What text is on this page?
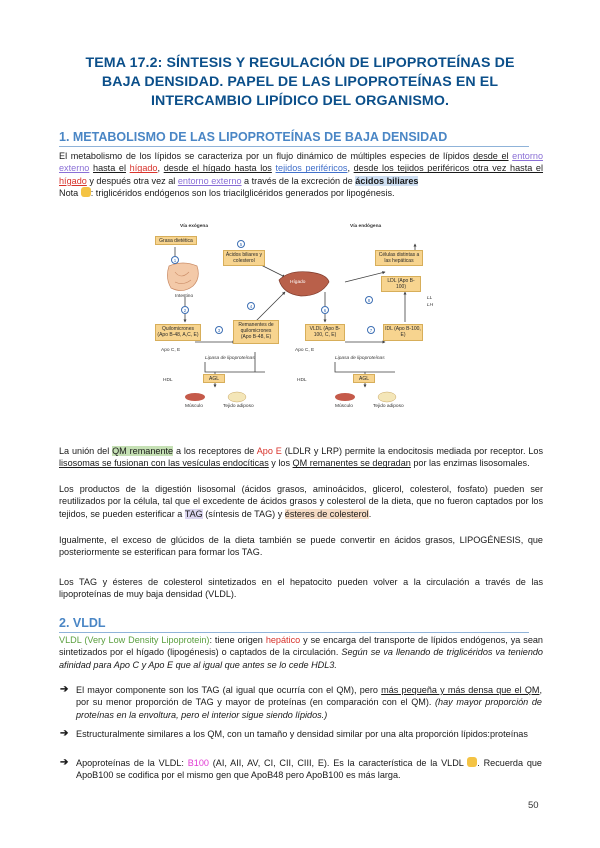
TEMA 17.2: SÍNTESIS Y REGULACIÓN DE LIPOPROTEÍNAS DE BAJA DENSIDAD. PAPEL DE LAS LIPOPROTEÍNAS EN EL INTERCAMBIO LIPÍDICO DEL ORGANISMO.
1. METABOLISMO DE LAS LIPOPROTEÍNAS DE BAJA DENSIDAD
El metabolismo de los lípidos se caracteriza por un flujo dinámico de múltiples especies de lípidos desde el entorno externo hasta el hígado, desde el hígado hasta los tejidos periféricos, desde los tejidos periféricos otra vez hasta el hígado y después otra vez al entorno externo a través de la excreción de ácidos biliares
Nota : triglicéridos endógenos son los triacilglicéridos generados por lipogénesis.
Vía exógena	Vía endógena
Grasa dietética
Ácidos biliares y colesterol
Células distintas a las hepáticas
Intestino
Hígado	LDL (Apo B-100)
LL
LH
Quilomicrones (Apo B-48, A,C, E)
Remanentes de quilomicrones (Apo B-48, E)
VLDL (Apo B-100, C, E)
IDL (Apo B-100, E)
Apo C, E	Apo C, E
Lipasa de lipoproteínas	Lipasa de lipoproteínas
HDL	HDL
AGL	AGL
Músculo	Tejido adiposo	Músculo	Tejido adiposo
1
2
3
4
5
6
7
8
La unión del QM remanente a los receptores de Apo E (LDLR y LRP) permite la endocitosis mediada por receptor. Los lisosomas se fusionan con las vesículas endocíticas y los QM remanentes se degradan por las enzimas lisosomales.
Los productos de la digestión lisosomal (ácidos grasos, aminoácidos, glicerol, colesterol, fosfato) pueden ser reutilizados por la célula, tal que el excedente de ácidos grasos y colesterol de la dieta, que no fueron captados por los tejidos, se pueden esterificar a TAG (síntesis de TAG) y ésteres de colesterol.
Igualmente, el exceso de glúcidos de la dieta también se puede convertir en ácidos grasos, LIPOGÉNESIS, que posteriormente se esterifican para formar los TAG.
Los TAG y ésteres de colesterol sintetizados en el hepatocito pueden volver a la circulación a través de las lipoproteínas de muy baja densidad (VLDL).
2. VLDL
VLDL (Very Low Density Lipoprotein): tiene origen hepático y se encarga del transporte de lípidos endógenos, ya sean sintetizados por el hígado (lipogénesis) o captados de la circulación. Según se va llenando de triglicéridos va teniendo afinidad para Apo C y Apo E que al igual que antes se lo cede HDL3.
➔ El mayor componente son los TAG (al igual que ocurría con el QM), pero más pequeña y más densa que el QM, por su menor proporción de TAG y mayor de proteínas (en comparación con el QM). (hay mayor proporción de proteínas en la envoltura, pero el interior sigue siendo lípidos.)
➔ Estructuralmente similares a los QM, con un tamaño y densidad similar por una alta proporción lípidos:proteínas
➔ Apoproteínas de la VLDL: B100 (AI, AII, AV, CI, CII, CIII, E). Es la característica de la VLDL . Recuerda que ApoB100 se codifica por el mismo gen que ApoB48 pero ApoB100 es más larga.
50
